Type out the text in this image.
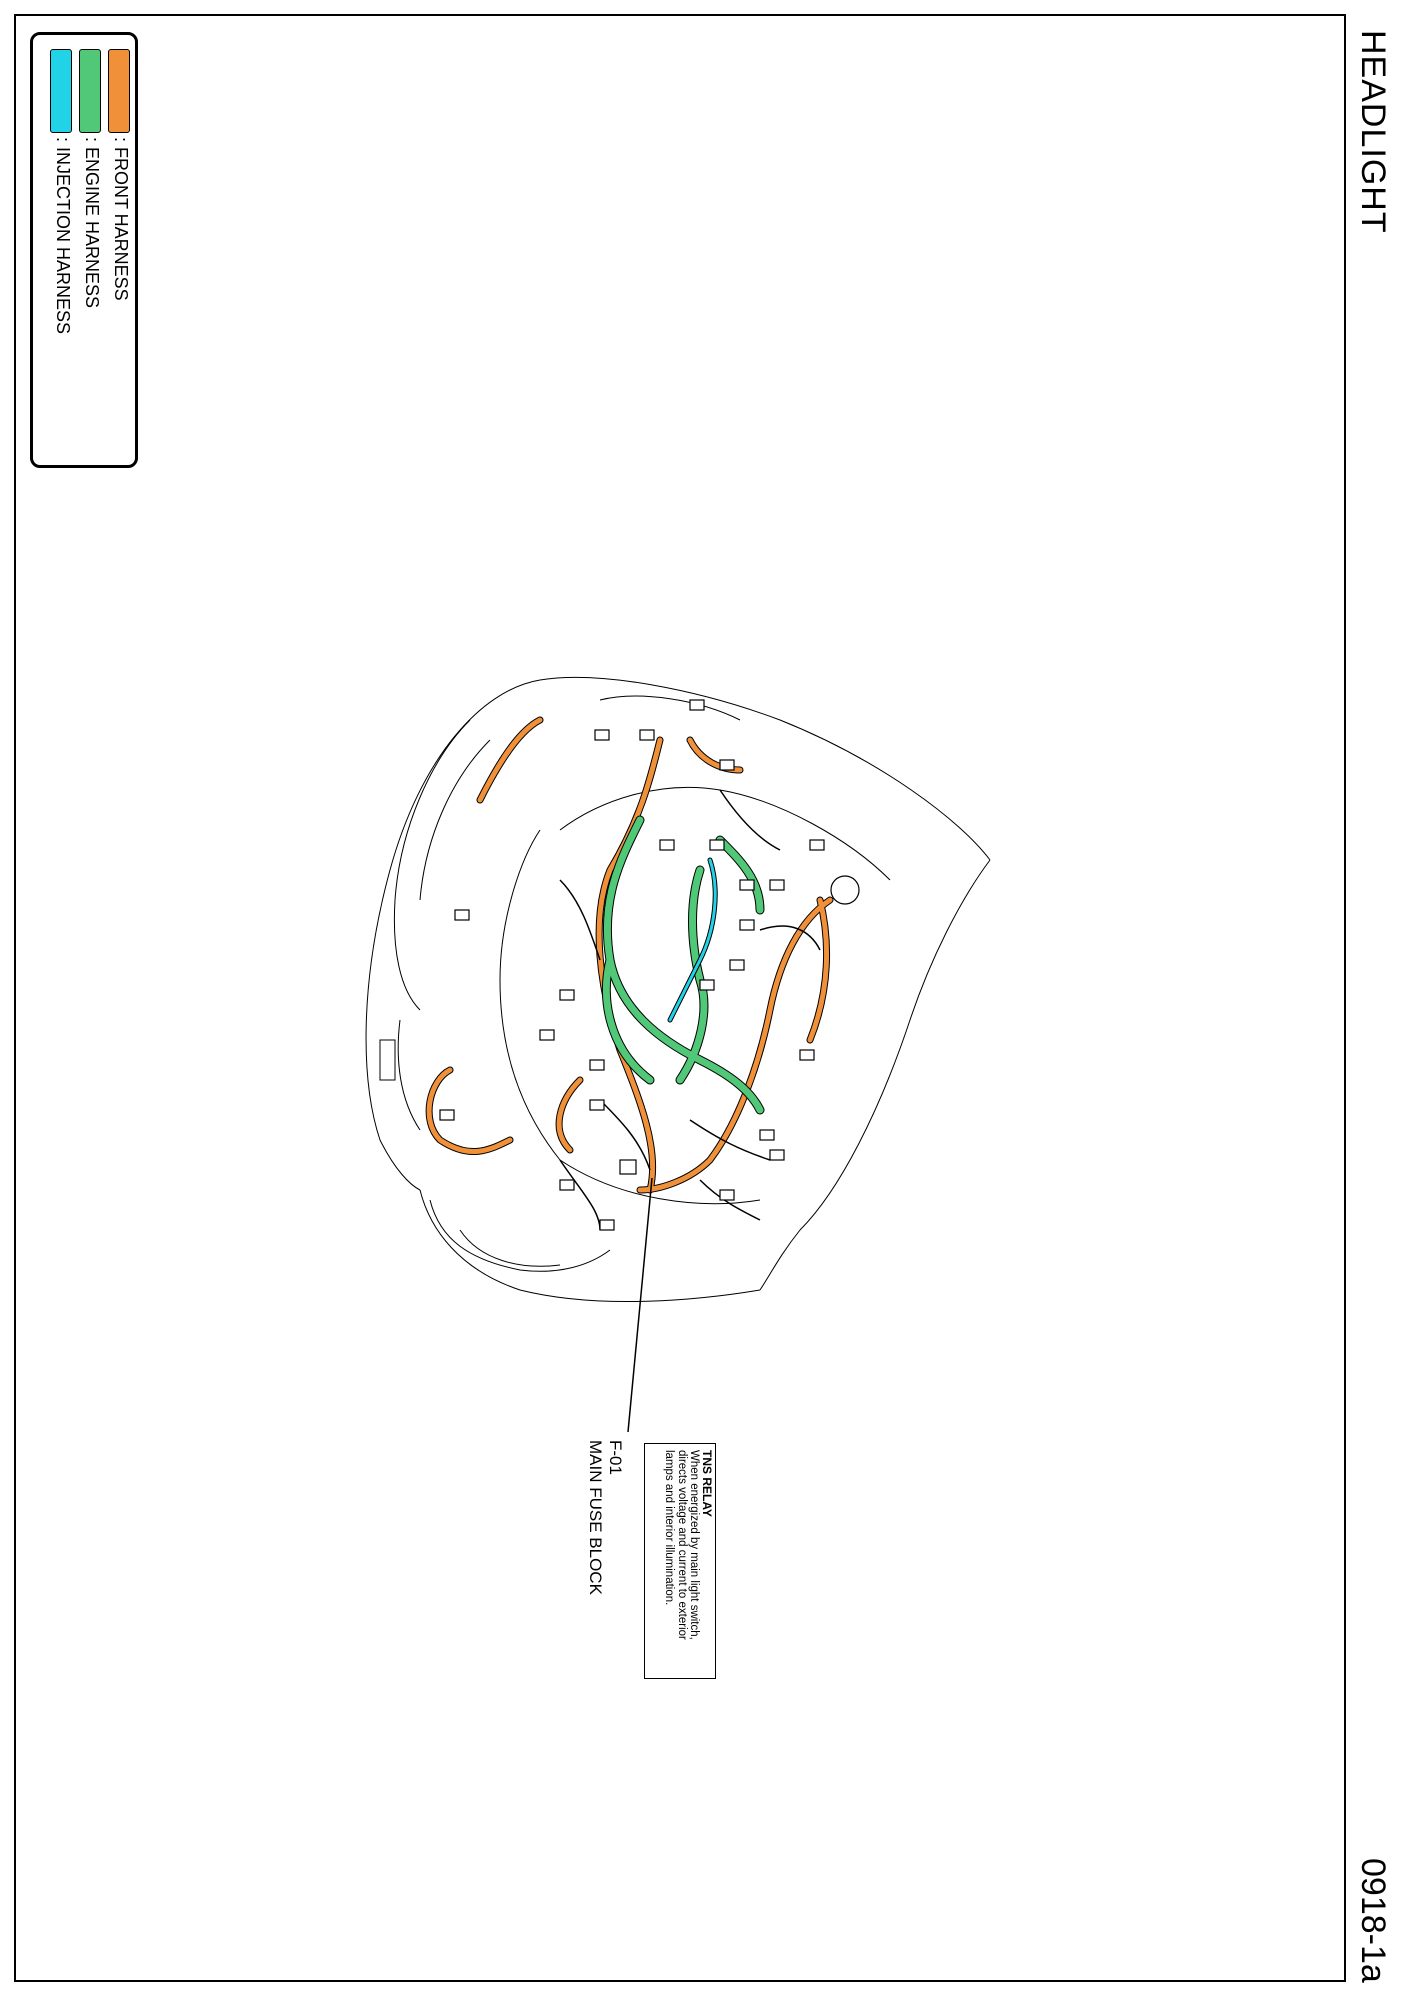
HEADLIGHT
0918-1a
: FRONT HARNESS
: ENGINE HARNESS
: INJECTION HARNESS
TNS RELAY
When energized by main light switch, directs voltage and current to exterior lamps and interior illumination.
F-01
MAIN FUSE BLOCK
